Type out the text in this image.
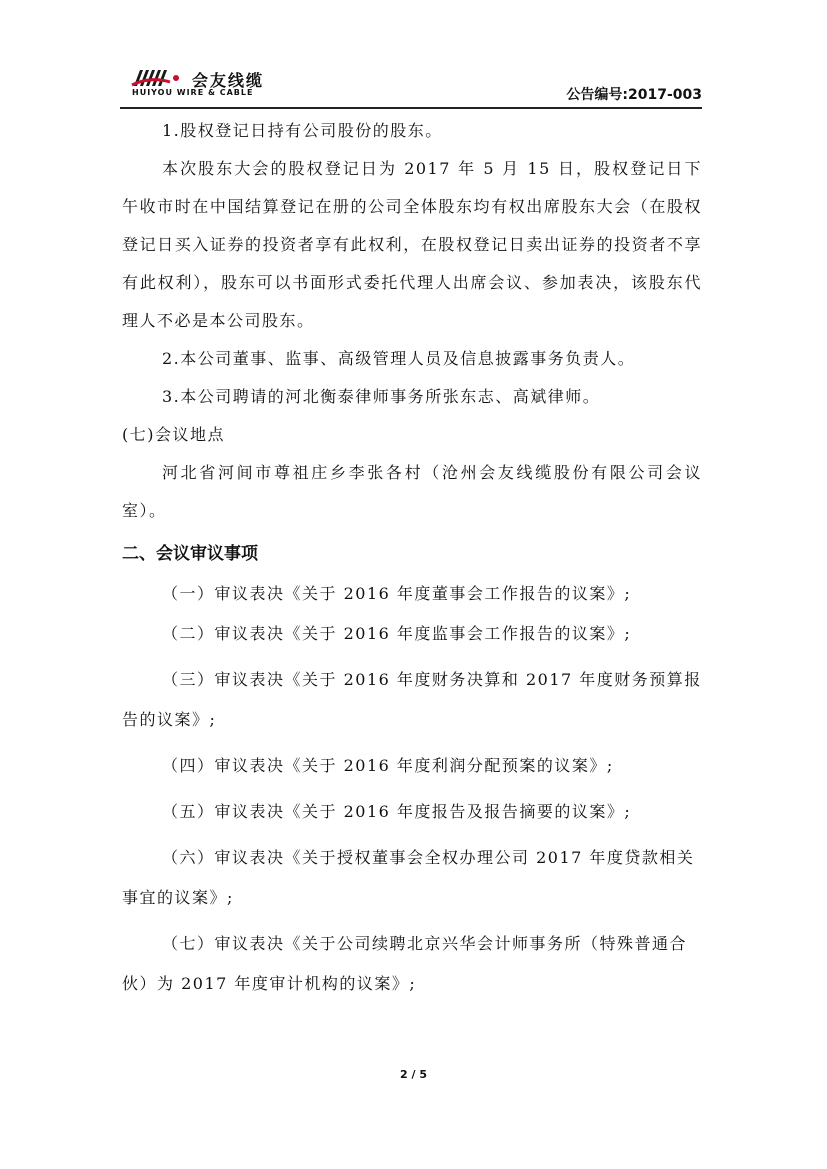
会友线缆
HUIYOU WIRE & CABLE	公告编号:2017-003

1.股权登记日持有公司股份的股东。

本次股东大会的股权登记日为 2017 年 5 月 15 日，股权登记日下午收市时在中国结算登记在册的公司全体股东均有权出席股东大会（在股权登记日买入证券的投资者享有此权利，在股权登记日卖出证券的投资者不享有此权利），股东可以书面形式委托代理人出席会议、参加表决，该股东代理人不必是本公司股东。

2.本公司董事、监事、高级管理人员及信息披露事务负责人。

3.本公司聘请的河北衡泰律师事务所张东志、高斌律师。

(七)会议地点

河北省河间市尊祖庄乡李张各村（沧州会友线缆股份有限公司会议室）。

二、会议审议事项

（一）审议表决《关于 2016 年度董事会工作报告的议案》;

（二）审议表决《关于 2016 年度监事会工作报告的议案》;

（三）审议表决《关于 2016 年度财务决算和 2017 年度财务预算报告的议案》;

（四）审议表决《关于 2016 年度利润分配预案的议案》;

（五）审议表决《关于 2016 年度报告及报告摘要的议案》;

（六）审议表决《关于授权董事会全权办理公司 2017 年度贷款相关事宜的议案》;

（七）审议表决《关于公司续聘北京兴华会计师事务所（特殊普通合伙）为 2017 年度审计机构的议案》;

2 / 5
